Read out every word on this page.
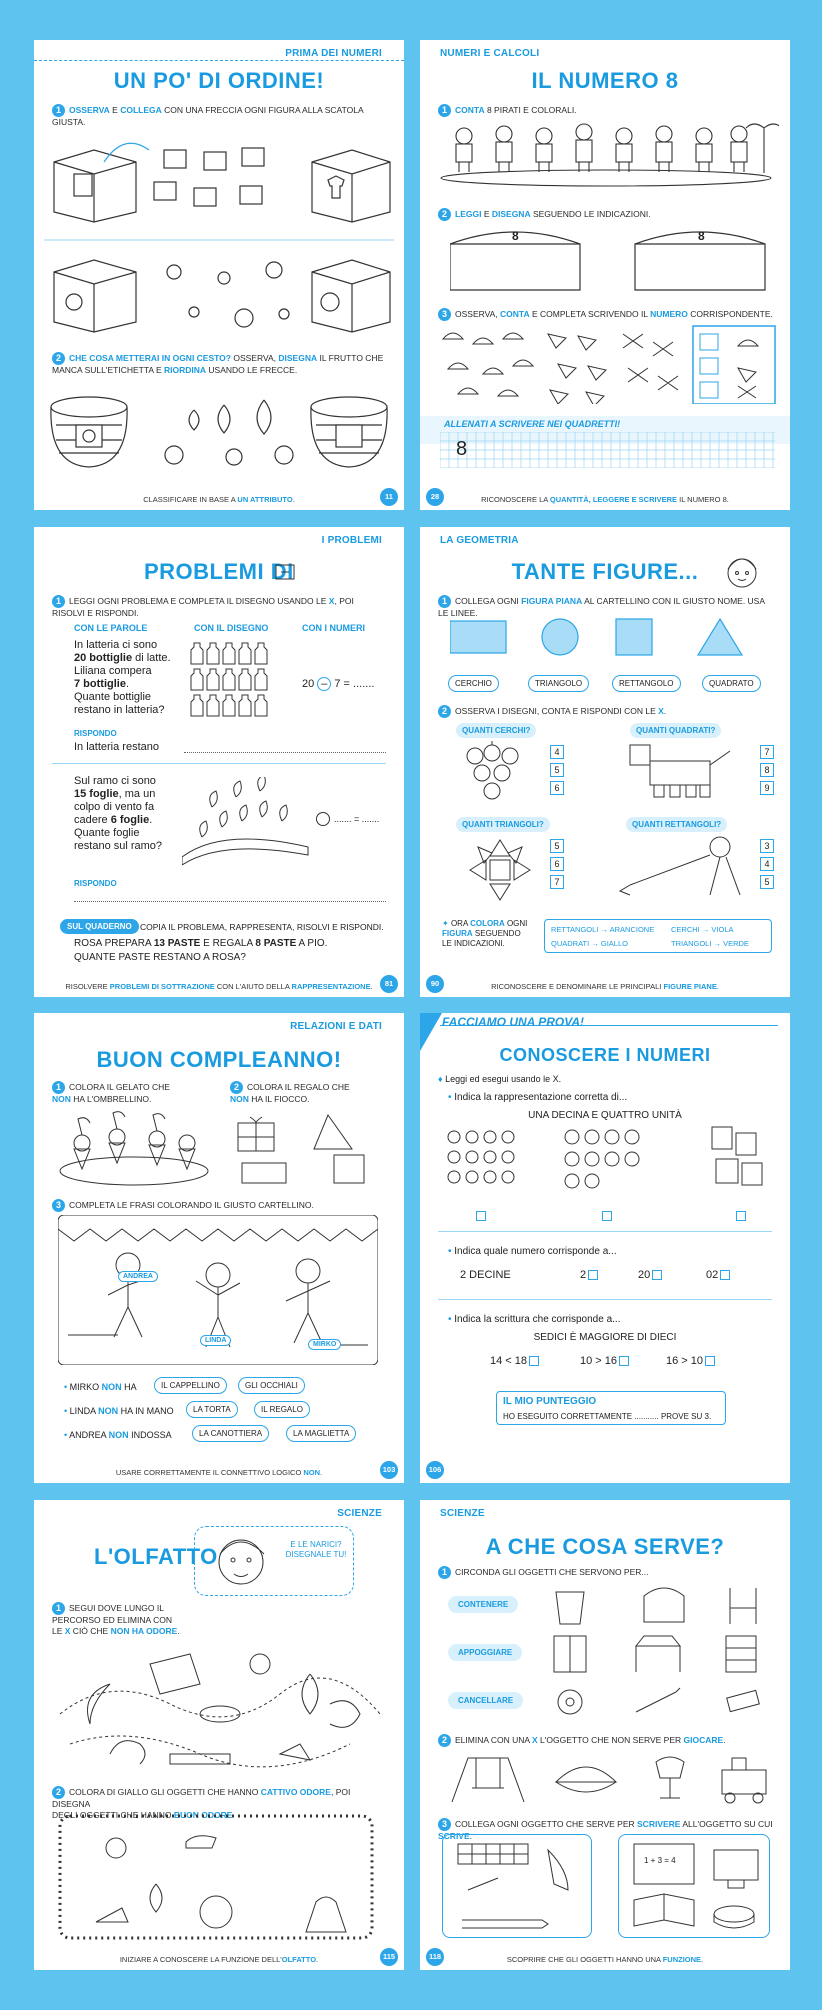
PRIMA DEI NUMERI
UN PO' DI ORDINE!
1 OSSERVA E COLLEGA CON UNA FRECCIA OGNI FIGURA ALLA SCATOLA GIUSTA.
2 CHE COSA METTERAI IN OGNI CESTO? OSSERVA, DISEGNA IL FRUTTO CHE MANCA SULL'ETICHETTA E RIORDINA USANDO LE FRECCE.
CLASSIFICARE IN BASE A UN ATTRIBUTO.	11
NUMERI E CALCOLI
IL NUMERO 8
1 CONTA 8 PIRATI E COLORALI.
2 LEGGI E DISEGNA SEGUENDO LE INDICAZIONI.
8	8
3 OSSERVA, CONTA E COMPLETA SCRIVENDO IL NUMERO CORRISPONDENTE.
ALLENATI A SCRIVERE NEI QUADRETTI!
8
RICONOSCERE LA QUANTITÀ, LEGGERE E SCRIVERE IL NUMERO 8.
28
I PROBLEMI
PROBLEMI DI
1 LEGGI OGNI PROBLEMA E COMPLETA IL DISEGNO USANDO LE X, POI RISOLVI E RISPONDI.
CON LE PAROLE	CON IL DISEGNO	CON I NUMERI
In latteria ci sono
20 bottiglie di latte.
Liliana compera
7 bottiglie.
Quante bottiglie
restano in latteria?
20 – 7 = .......
RISPONDO
In latteria restano
Sul ramo ci sono
15 foglie, ma un
colpo di vento fa
cadere 6 foglie.
Quante foglie
restano sul ramo?
....... = .......
RISPONDO
SUL QUADERNO COPIA IL PROBLEMA, RAPPRESENTA, RISOLVI E RISPONDI.
ROSA PREPARA 13 PASTE E REGALA 8 PASTE A PIO.
QUANTE PASTE RESTANO A ROSA?
RISOLVERE PROBLEMI DI SOTTRAZIONE CON L'AIUTO DELLA RAPPRESENTAZIONE.	81
LA GEOMETRIA
TANTE FIGURE...
1 COLLEGA OGNI FIGURA PIANA AL CARTELLINO CON IL GIUSTO NOME. USA LE LINEE.
CERCHIO	TRIANGOLO	RETTANGOLO	QUADRATO
2 OSSERVA I DISEGNI, CONTA E RISPONDI CON LE X.
QUANTI CERCHI?
4
5
6
QUANTI QUADRATI?
7
8
9
QUANTI TRIANGOLI?
5
6
7
QUANTI RETTANGOLI?
3
4
5
✦ ORA COLORA OGNI
FIGURA SEGUENDO
LE INDICAZIONI.
RETTANGOLI → ARANCIONE CERCHI → VIOLA
QUADRATI → GIALLO	TRIANGOLI → VERDE
RICONOSCERE E DENOMINARE LE PRINCIPALI FIGURE PIANE.
90
RELAZIONI E DATI
BUON COMPLEANNO!
1 COLORA IL GELATO CHE
NON HA L'OMBRELLINO.
2 COLORA IL REGALO CHE
NON HA IL FIOCCO.
3 COMPLETA LE FRASI COLORANDO IL GIUSTO CARTELLINO.
ANDREA
LINDA
MIRKO
• MIRKO NON HA	IL CAPPELLINO	GLI OCCHIALI
• LINDA NON HA IN MANO	LA TORTA	IL REGALO
• ANDREA NON INDOSSA	LA CANOTTIERA	LA MAGLIETTA
USARE CORRETTAMENTE IL CONNETTIVO LOGICO NON.	103
FACCIAMO UNA PROVA!
CONOSCERE I NUMERI
♦ Leggi ed esegui usando le X.
• Indica la rappresentazione corretta di...
UNA DECINA E QUATTRO UNITÀ
• Indica quale numero corrisponde a...
2 DECINE	2	20	02
• Indica la scrittura che corrisponde a...
SEDICI È MAGGIORE DI DIECI
14 < 18	10 > 16	16 > 10
IL MIO PUNTEGGIO
HO ESEGUITO CORRETTAMENTE ........... PROVE SU 3.
106
SCIENZE
L'OLFATTO	E LE NARICI? DISEGNALE TU!
1 SEGUI DOVE LUNGO IL PERCORSO ED ELIMINA CON
LE X CIÒ CHE NON HA ODORE.
2 COLORA DI GIALLO GLI OGGETTI CHE HANNO CATTIVO ODORE, POI DISEGNA
DEGLI OGGETTI CHE HANNO BUON ODORE
INIZIARE A CONOSCERE LA FUNZIONE DELL'OLFATTO.	115
SCIENZE
A CHE COSA SERVE?
1 CIRCONDA GLI OGGETTI CHE SERVONO PER...
CONTENERE
APPOGGIARE
CANCELLARE
2 ELIMINA CON UNA X L'OGGETTO CHE NON SERVE PER GIOCARE.
3 COLLEGA OGNI OGGETTO CHE SERVE PER SCRIVERE ALL'OGGETTO SU CUI SCRIVE.
1 + 3 = 4
SCOPRIRE CHE GLI OGGETTI HANNO UNA FUNZIONE.
118
